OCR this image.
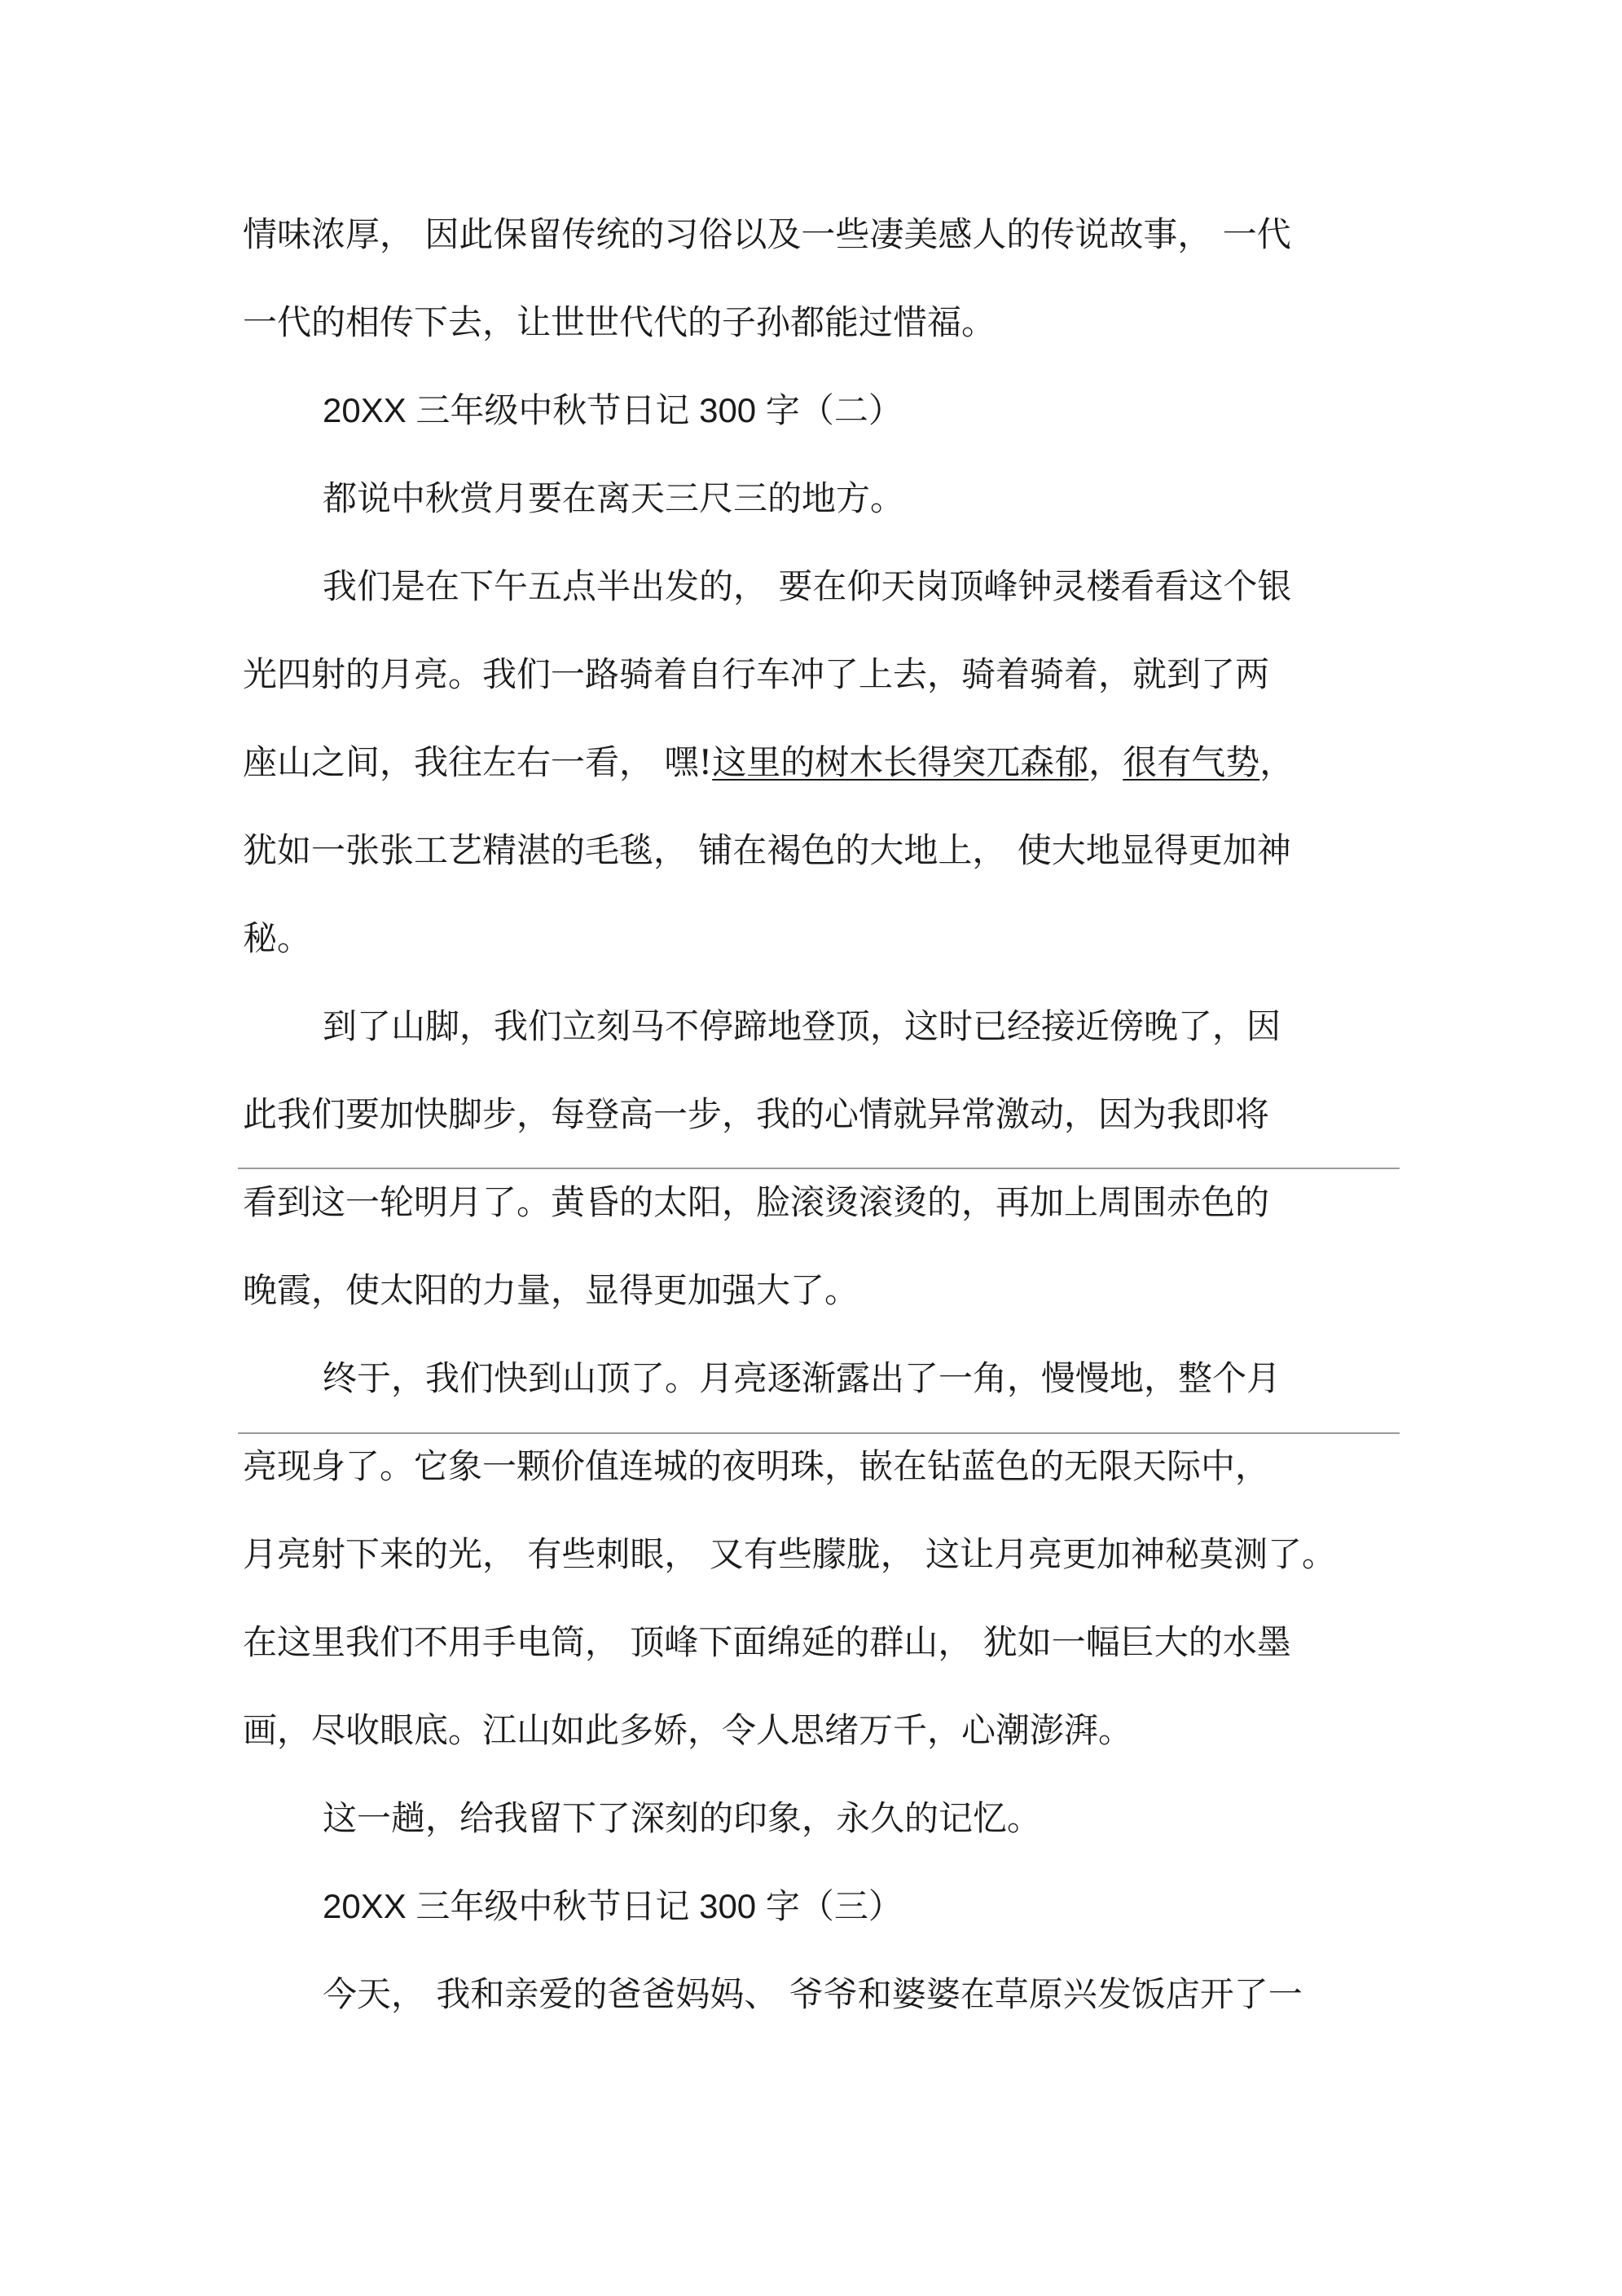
情味浓厚， 因此保留传统的习俗以及一些凄美感人的传说故事， 一代
一代的相传下去，让世世代代的子孙都能过惜福。
20XX 三年级中秋节日记 300 字（二）
都说中秋赏月要在离天三尺三的地方。
我们是在下午五点半出发的， 要在仰天岗顶峰钟灵楼看看这个银
光四射的月亮。我们一路骑着自行车冲了上去，骑着骑着，就到了两
座山之间，我往左右一看， 嘿!这里的树木长得突兀森郁，很有气势，
犹如一张张工艺精湛的毛毯， 铺在褐色的大地上， 使大地显得更加神
秘。
到了山脚，我们立刻马不停蹄地登顶，这时已经接近傍晚了，因
此我们要加快脚步，每登高一步，我的心情就异常激动，因为我即将
看到这一轮明月了。黄昏的太阳，脸滚烫滚烫的，再加上周围赤色的
晚霞，使太阳的力量，显得更加强大了。
终于，我们快到山顶了。月亮逐渐露出了一角，慢慢地，整个月
亮现身了。它象一颗价值连城的夜明珠，嵌在钻蓝色的无限天际中，
月亮射下来的光， 有些刺眼， 又有些朦胧， 这让月亮更加神秘莫测了。
在这里我们不用手电筒， 顶峰下面绵延的群山， 犹如一幅巨大的水墨
画，尽收眼底。江山如此多娇，令人思绪万千，心潮澎湃。
这一趟，给我留下了深刻的印象，永久的记忆。
20XX 三年级中秋节日记 300 字（三）
今天， 我和亲爱的爸爸妈妈、 爷爷和婆婆在草原兴发饭店开了一
